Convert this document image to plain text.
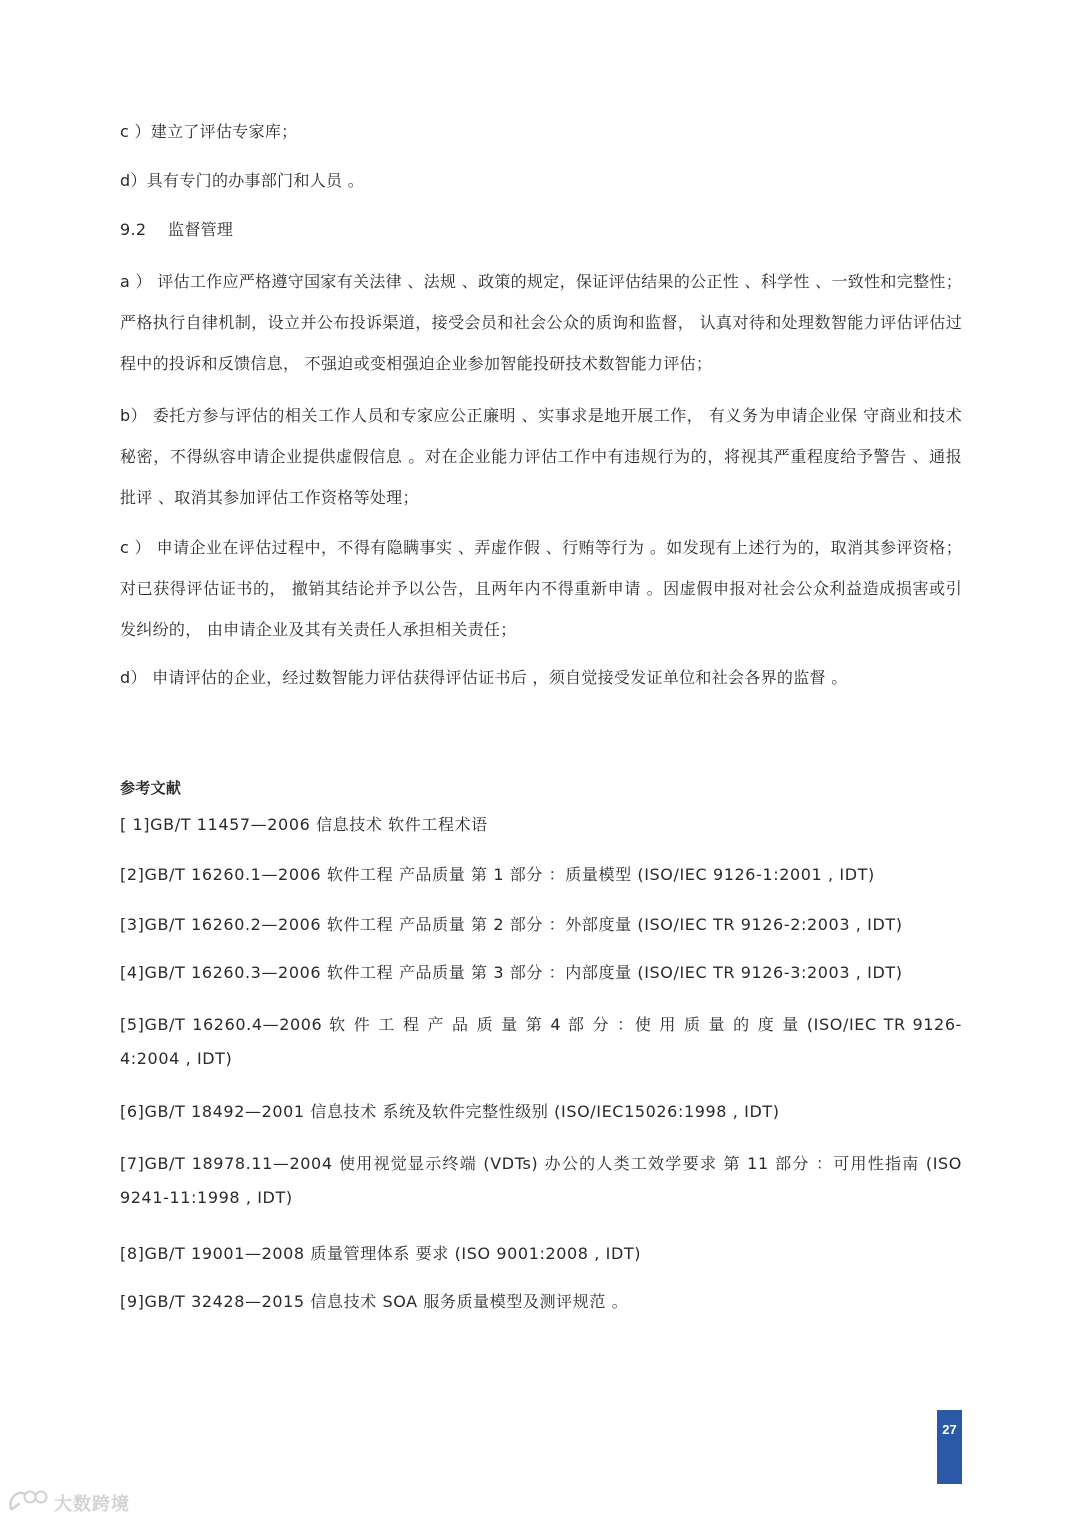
c ）建立了评估专家库；

d）具有专门的办事部门和人员 。

9.2　 监督管理

a ） 评估工作应严格遵守国家有关法律 、法规 、政策的规定，保证评估结果的公正性 、科学性 、一致性和完整性；严格执行自律机制，设立并公布投诉渠道，接受会员和社会公众的质询和监督， 认真对待和处理数智能力评估评估过程中的投诉和反馈信息， 不强迫或变相强迫企业参加智能投研技术数智能力评估；

b） 委托方参与评估的相关工作人员和专家应公正廉明 、实事求是地开展工作， 有义务为申请企业保 守商业和技术秘密，不得纵容申请企业提供虚假信息 。对在企业能力评估工作中有违规行为的，将视其严重程度给予警告 、通报批评 、取消其参加评估工作资格等处理；

c ） 申请企业在评估过程中，不得有隐瞒事实 、弄虚作假 、行贿等行为 。如发现有上述行为的，取消其参评资格；对已获得评估证书的， 撤销其结论并予以公告，且两年内不得重新申请 。因虚假申报对社会公众利益造成损害或引发纠纷的， 由申请企业及其有关责任人承担相关责任；

d） 申请评估的企业，经过数智能力评估获得评估证书后 ，须自觉接受发证单位和社会各界的监督 。

参考文献

[ 1]GB/T 11457—2006 信息技术 软件工程术语

[2]GB/T 16260.1—2006 软件工程 产品质量 第 1 部分 ：质量模型 (ISO/IEC 9126-1:2001 , IDT)

[3]GB/T 16260.2—2006 软件工程 产品质量 第 2 部分 ：外部度量 (ISO/IEC TR 9126-2:2003 , IDT)

[4]GB/T 16260.3—2006 软件工程 产品质量 第 3 部分 ：内部度量 (ISO/IEC TR 9126-3:2003 , IDT)

[5]GB/T 16260.4—2006 软 件 工 程 产 品 质 量 第 4 部 分 ：使 用 质 量 的 度 量 (ISO/IEC TR 9126-4:2004 , IDT)

[6]GB/T 18492—2001 信息技术 系统及软件完整性级别 (ISO/IEC15026:1998 , IDT)

[7]GB/T 18978.11—2004 使用视觉显示终端 (VDTs) 办公的人类工效学要求 第 11 部分 ：可用性指南 (ISO 9241-11:1998 , IDT)

[8]GB/T 19001—2008 质量管理体系 要求 (ISO 9001:2008 , IDT)

[9]GB/T 32428—2015 信息技术 SOA 服务质量模型及测评规范 。

27
大数跨境
